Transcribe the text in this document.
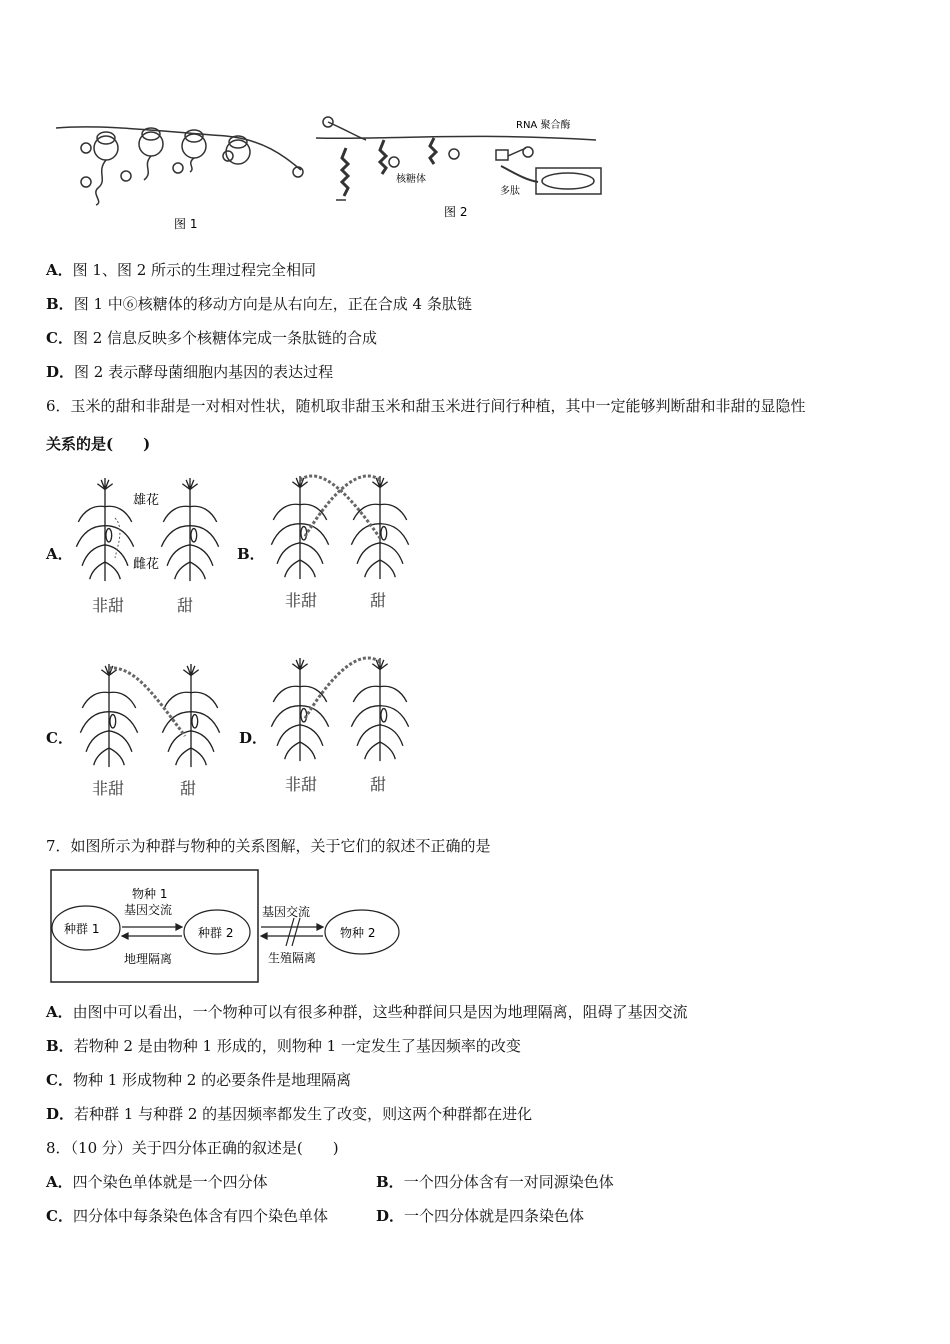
图 1
RNA 聚合酶
核糖体
多肽
图 2
A．图 1、图 2 所示的生理过程完全相同
B．图 1 中⑥核糖体的移动方向是从右向左，正在合成 4 条肽链
C．图 2 信息反映多个核糖体完成一条肽链的合成
D．图 2 表示酵母菌细胞内基因的表达过程
6．玉米的甜和非甜是一对相对性状，随机取非甜玉米和甜玉米进行间行种植，其中一定能够判断甜和非甜的显隐性
关系的是(　　)
A．
雄花
雌花
非甜	甜
B．
非甜	甜
C．
非甜	甜
D．
非甜	甜
7．如图所示为种群与物种的关系图解，关于它们的叙述不正确的是
种群 1	种群 2	物种 2
物种 1
基因交流
地理隔离
基因交流
生殖隔离
A．由图中可以看出，一个物种可以有很多种群，这些种群间只是因为地理隔离，阻碍了基因交流
B．若物种 2 是由物种 1 形成的，则物种 1 一定发生了基因频率的改变
C．物种 1 形成物种 2 的必要条件是地理隔离
D．若种群 1 与种群 2 的基因频率都发生了改变，则这两个种群都在进化
8．（10 分）关于四分体正确的叙述是(　　)
A．四个染色单体就是一个四分体	B．一个四分体含有一对同源染色体
C．四分体中每条染色体含有四个染色单体	D．一个四分体就是四条染色体
